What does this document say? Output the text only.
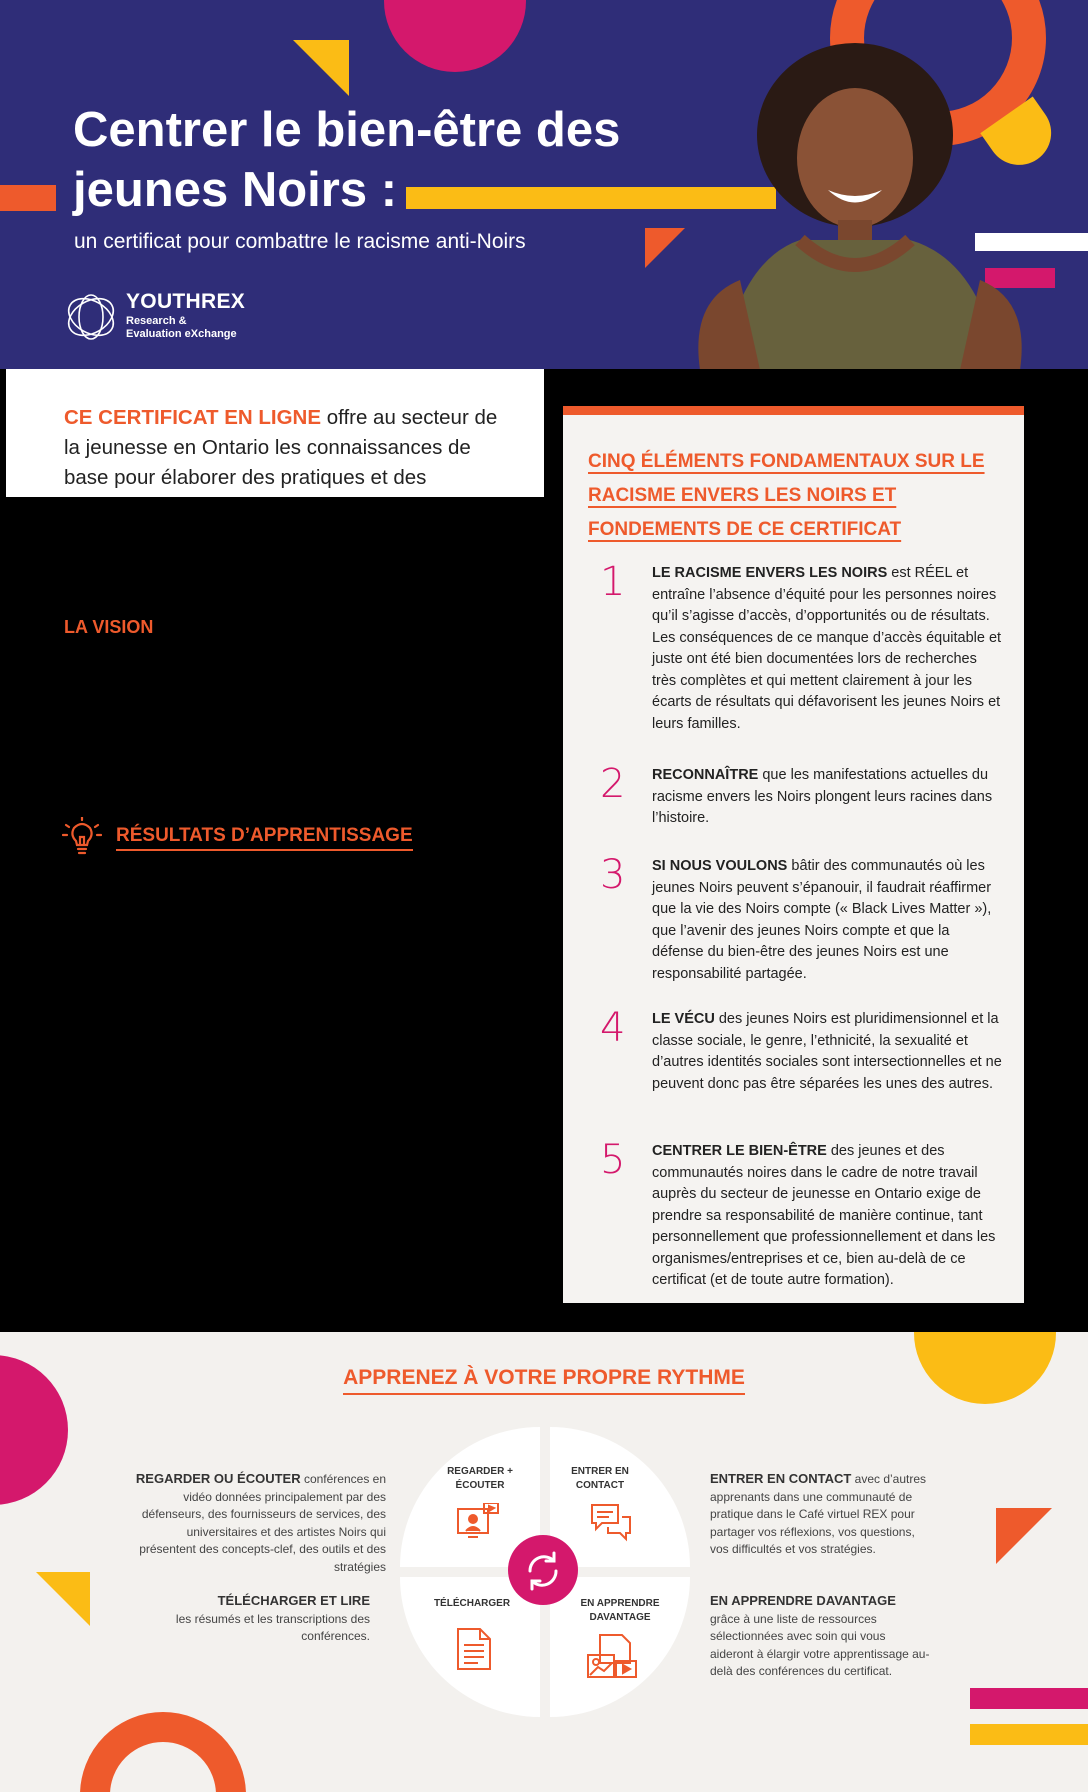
Centrer le bien-être des jeunes Noirs :
un certificat pour combattre le racisme anti-Noirs
YOUTHREX
Research &
Evaluation eXchange

CE CERTIFICAT EN LIGNE offre au secteur de la jeunesse en Ontario les connaissances de base pour élaborer des pratiques et des

LA VISION
RÉSULTATS D’APPRENTISSAGE
CINQ ÉLÉMENTS FONDAMENTAUX SUR LE RACISME ENVERS LES NOIRS ET FONDEMENTS DE CE CERTIFICAT
1 LE RACISME ENVERS LES NOIRS est RÉEL et entraîne l’absence d’équité pour les personnes noires qu’il s’agisse d’accès, d’opportunités ou de résultats. Les conséquences de ce manque d’accès équitable et juste ont été bien documentées lors de recherches très complètes et qui mettent clairement à jour les écarts de résultats qui défavorisent les jeunes Noirs et leurs familles.
2 RECONNAÎTRE que les manifestations actuelles du racisme envers les Noirs plongent leurs racines dans l’histoire.
3 SI NOUS VOULONS bâtir des communautés où les jeunes Noirs peuvent s’épanouir, il faudrait réaffirmer que la vie des Noirs compte (« Black Lives Matter »), que l’avenir des jeunes Noirs compte et que la défense du bien-être des jeunes Noirs est une responsabilité partagée.
4 LE VÉCU des jeunes Noirs est pluridimensionnel et la classe sociale, le genre, l’ethnicité, la sexualité et d’autres identités sociales sont intersectionnelles et ne peuvent donc pas être séparées les unes des autres.
5 CENTRER LE BIEN-ÊTRE des jeunes et des communautés noires dans le cadre de notre travail auprès du secteur de jeunesse en Ontario exige de prendre sa responsabilité de manière continue, tant personnellement que professionnellement et dans les organismes/entreprises et ce, bien au-delà de ce certificat (et de toute autre formation).
APPRENEZ À VOTRE PROPRE RYTHME
REGARDER OU ÉCOUTER conférences en vidéo données principalement par des défenseurs, des fournisseurs de services, des universitaires et des artistes Noirs qui présentent des concepts-clef, des outils et des stratégies
TÉLÉCHARGER ET LIRE
les résumés et les transcriptions des conférences.
ENTRER EN CONTACT avec d’autres apprenants dans une communauté de pratique dans le Café virtuel REX pour partager vos réflexions, vos questions, vos difficultés et vos stratégies.
EN APPRENDRE DAVANTAGE
grâce à une liste de ressources sélectionnées avec soin qui vous aideront à élargir votre apprentissage au-delà des conférences du certificat.
REGARDER + ÉCOUTER
ENTRER EN CONTACT
TÉLÉCHARGER	EN APPRENDRE DAVANTAGE
